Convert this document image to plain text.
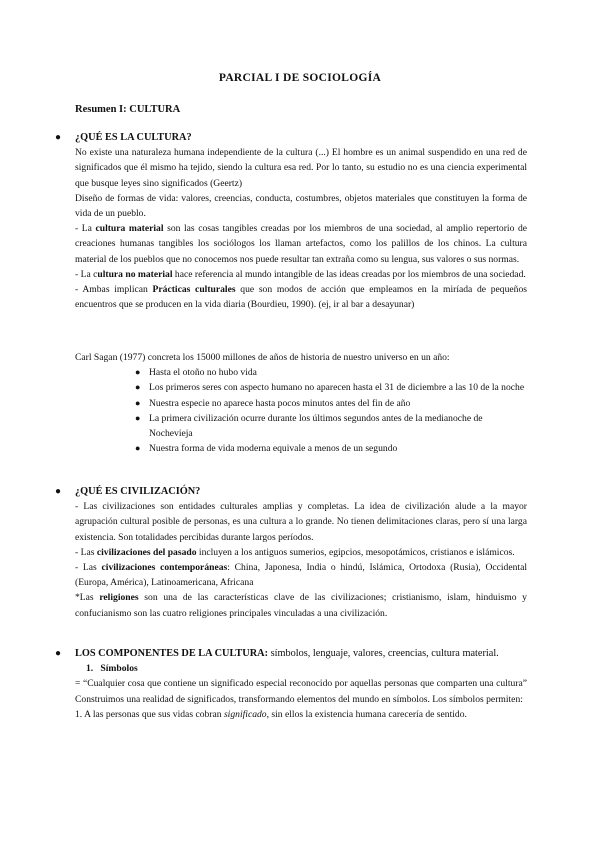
PARCIAL I DE SOCIOLOGÍA
Resumen I: CULTURA
● ¿QUÉ ES LA CULTURA?

No existe una naturaleza humana independiente de la cultura (...) El hombre es un animal suspendido en una red de significados que él mismo ha tejido, siendo la cultura esa red. Por lo tanto, su estudio no es una ciencia experimental que busque leyes sino significados (Geertz)

Diseño de formas de vida: valores, creencias, conducta, costumbres, objetos materiales que constituyen la forma de vida de un pueblo.

- La cultura material son las cosas tangibles creadas por los miembros de una sociedad, al amplio repertorio de creaciones humanas tangibles los sociólogos los llaman artefactos, como los palillos de los chinos. La cultura material de los pueblos que no conocemos nos puede resultar tan extraña como su lengua, sus valores o sus normas.

- La cultura no material hace referencia al mundo intangible de las ideas creadas por los miembros de una sociedad.

- Ambas implican Prácticas culturales que son modos de acción que empleamos en la miríada de pequeños encuentros que se producen en la vida diaria (Bourdieu, 1990). (ej, ir al bar a desayunar)

Carl Sagan (1977) concreta los 15000 millones de años de historia de nuestro universo en un año:

● Hasta el otoño no hubo vida
● Los primeros seres con aspecto humano no aparecen hasta el 31 de diciembre a las 10 de la noche
● Nuestra especie no aparece hasta pocos minutos antes del fin de año
● La primera civilización ocurre durante los últimos segundos antes de la medianoche de Nochevieja
● Nuestra forma de vida moderna equivale a menos de un segundo
● ¿QUÉ ES CIVILIZACIÓN?

- Las civilizaciones son entidades culturales amplias y completas. La idea de civilización alude a la mayor agrupación cultural posible de personas, es una cultura a lo grande. No tienen delimitaciones claras, pero sí una larga existencia. Son totalidades percibidas durante largos períodos.

- Las civilizaciones del pasado incluyen a los antiguos sumerios, egipcios, mesopotámicos, cristianos e islámicos.

- Las civilizaciones contemporáneas: China, Japonesa, India o hindú, Islámica, Ortodoxa (Rusia), Occidental (Europa, América), Latinoamericana, Africana

*Las religiones son una de las características clave de las civilizaciones; cristianismo, islam, hinduismo y confucianismo son las cuatro religiones principales vinculadas a una civilización.

● LOS COMPONENTES DE LA CULTURA: símbolos, lenguaje, valores, creencias, cultura material.

1. Símbolos

= “Cualquier cosa que contiene un significado especial reconocido por aquellas personas que comparten una cultura” Construimos una realidad de significados, transformando elementos del mundo en símbolos. Los símbolos permiten:

1. A las personas que sus vidas cobran significado, sin ellos la existencia humana carecería de sentido.
